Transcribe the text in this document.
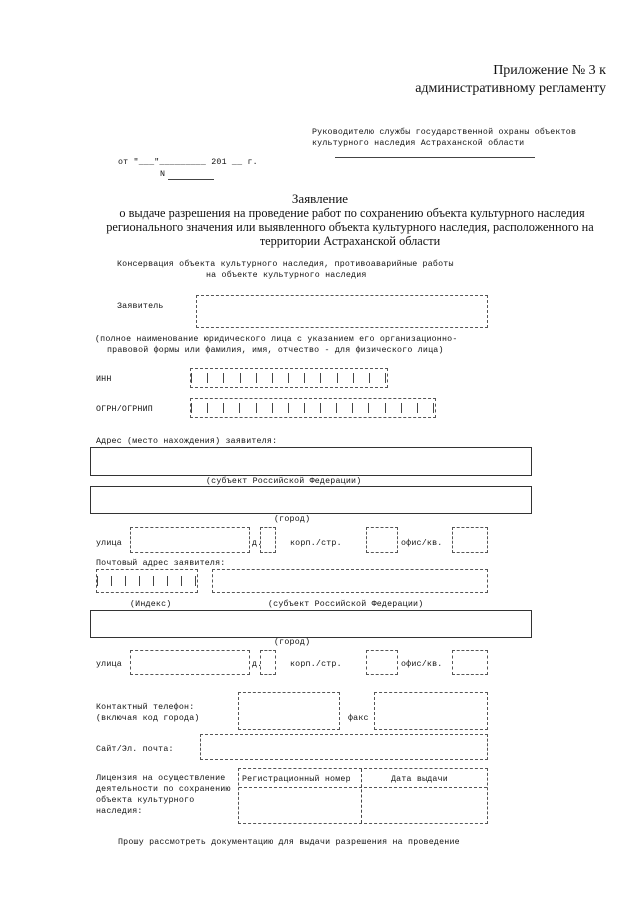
Приложение № 3 к
административному регламенту
Руководителю службы государственной охраны объектов
культурного наследия Астраханской области
от "___"_________ 201 __ г.
N
Заявление
о выдаче разрешения на проведение работ по сохранению объекта культурного наследия
регионального значения или выявленного объекта культурного наследия, расположенного на
территории Астраханской области
Консервация объекта культурного наследия, противоаварийные работы
на объекте культурного наследия
Заявитель
(полное наименование юридического лица с указанием его организационно-
правовой формы или фамилия, имя, отчество - для физического лица)
ИНН
ОГРН/ОГРНИП
Адрес (место нахождения) заявителя:
(субъект Российской Федерации)
(город)
улица	д.	корп./стр.	офис/кв.
Почтовый адрес заявителя:
(Индекс)	(субъект Российской Федерации)
(город)
улица	д.	корп./стр.	офис/кв.
Контактный телефон:
(включая код города)	факс
Сайт/Эл. почта:
Лицензия на осуществление
деятельности по сохранению
объекта культурного
наследия:
Регистрационный номер	Дата выдачи
Прошу рассмотреть документацию для выдачи разрешения на проведение
